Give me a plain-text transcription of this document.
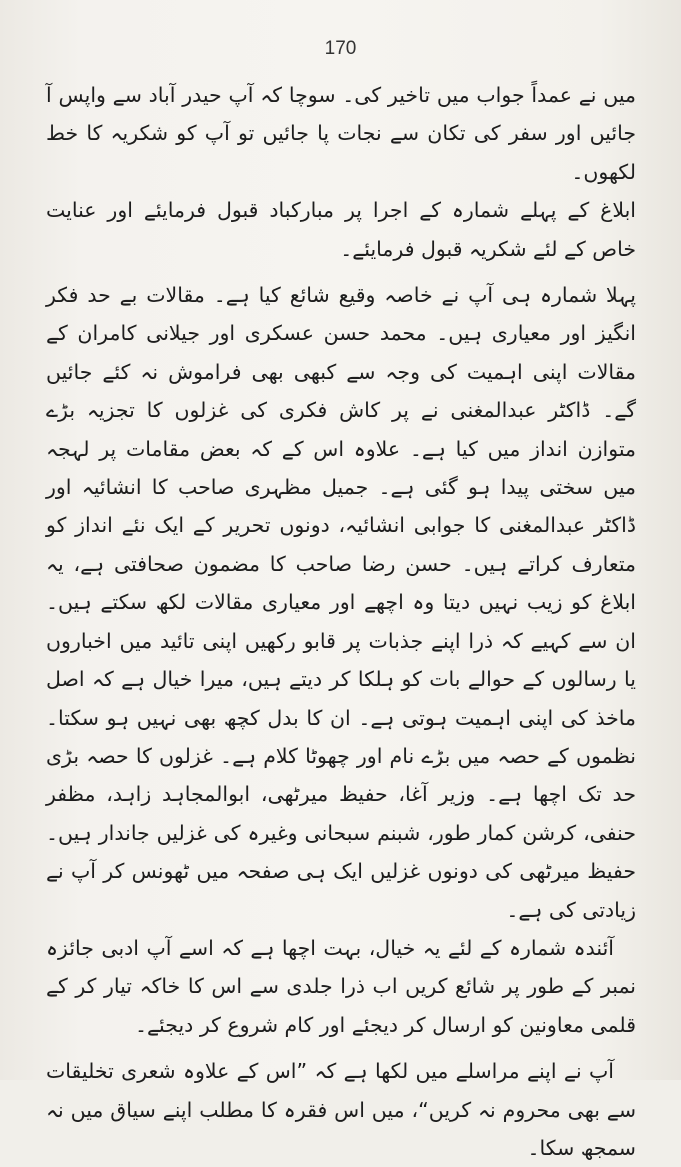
170

میں نے عمداً جواب میں تاخیر کی۔ سوچا کہ آپ حیدر آباد سے واپس آ جائیں اور سفر کی تکان سے نجات پا جائیں تو آپ کو شکریہ کا خط لکھوں۔

ابلاغ کے پہلے شمارہ کے اجرا پر مبارکباد قبول فرمایئے اور عنایت خاص کے لئے شکریہ قبول فرمایئے۔

پہلا شمارہ ہی آپ نے خاصہ وقیع شائع کیا ہے۔ مقالات بے حد فکر انگیز اور معیاری ہیں۔ محمد حسن عسکری اور جیلانی کامران کے مقالات اپنی اہمیت کی وجہ سے کبھی بھی فراموش نہ کئے جائیں گے۔ ڈاکٹر عبدالمغنی نے پر کاش فکری کی غزلوں کا تجزیہ بڑے متوازن انداز میں کیا ہے۔ علاوہ اس کے کہ بعض مقامات پر لہجہ میں سختی پیدا ہو گئی ہے۔ جمیل مظہری صاحب کا انشائیہ اور ڈاکٹر عبدالمغنی کا جوابی انشائیہ، دونوں تحریر کے ایک نئے انداز کو متعارف کراتے ہیں۔ حسن رضا صاحب کا مضمون صحافتی ہے، یہ ابلاغ کو زیب نہیں دیتا وہ اچھے اور معیاری مقالات لکھ سکتے ہیں۔ ان سے کہیے کہ ذرا اپنے جذبات پر قابو رکھیں اپنی تائید میں اخباروں یا رسالوں کے حوالے بات کو ہلکا کر دیتے ہیں، میرا خیال ہے کہ اصل ماخذ کی اپنی اہمیت ہوتی ہے۔ ان کا بدل کچھ بھی نہیں ہو سکتا۔ نظموں کے حصہ میں بڑے نام اور چھوٹا کلام ہے۔ غزلوں کا حصہ بڑی حد تک اچھا ہے۔ وزیر آغا، حفیظ میرٹھی، ابوالمجاہد زاہد، مظفر حنفی، کرشن کمار طور، شبنم سبحانی وغیرہ کی غزلیں جاندار ہیں۔ حفیظ میرٹھی کی دونوں غزلیں ایک ہی صفحہ میں ٹھونس کر آپ نے زیادتی کی ہے۔

آئندہ شمارہ کے لئے یہ خیال، بہت اچھا ہے کہ اسے آپ ادبی جائزہ نمبر کے طور پر شائع کریں اب ذرا جلدی سے اس کا خاکہ تیار کر کے قلمی معاونین کو ارسال کر دیجئے اور کام شروع کر دیجئے۔

آپ نے اپنے مراسلے میں لکھا ہے کہ ”اس کے علاوہ شعری تخلیقات سے بھی محروم نہ کریں“، میں اس فقرہ کا مطلب اپنے سیاق میں نہ سمجھ سکا۔
